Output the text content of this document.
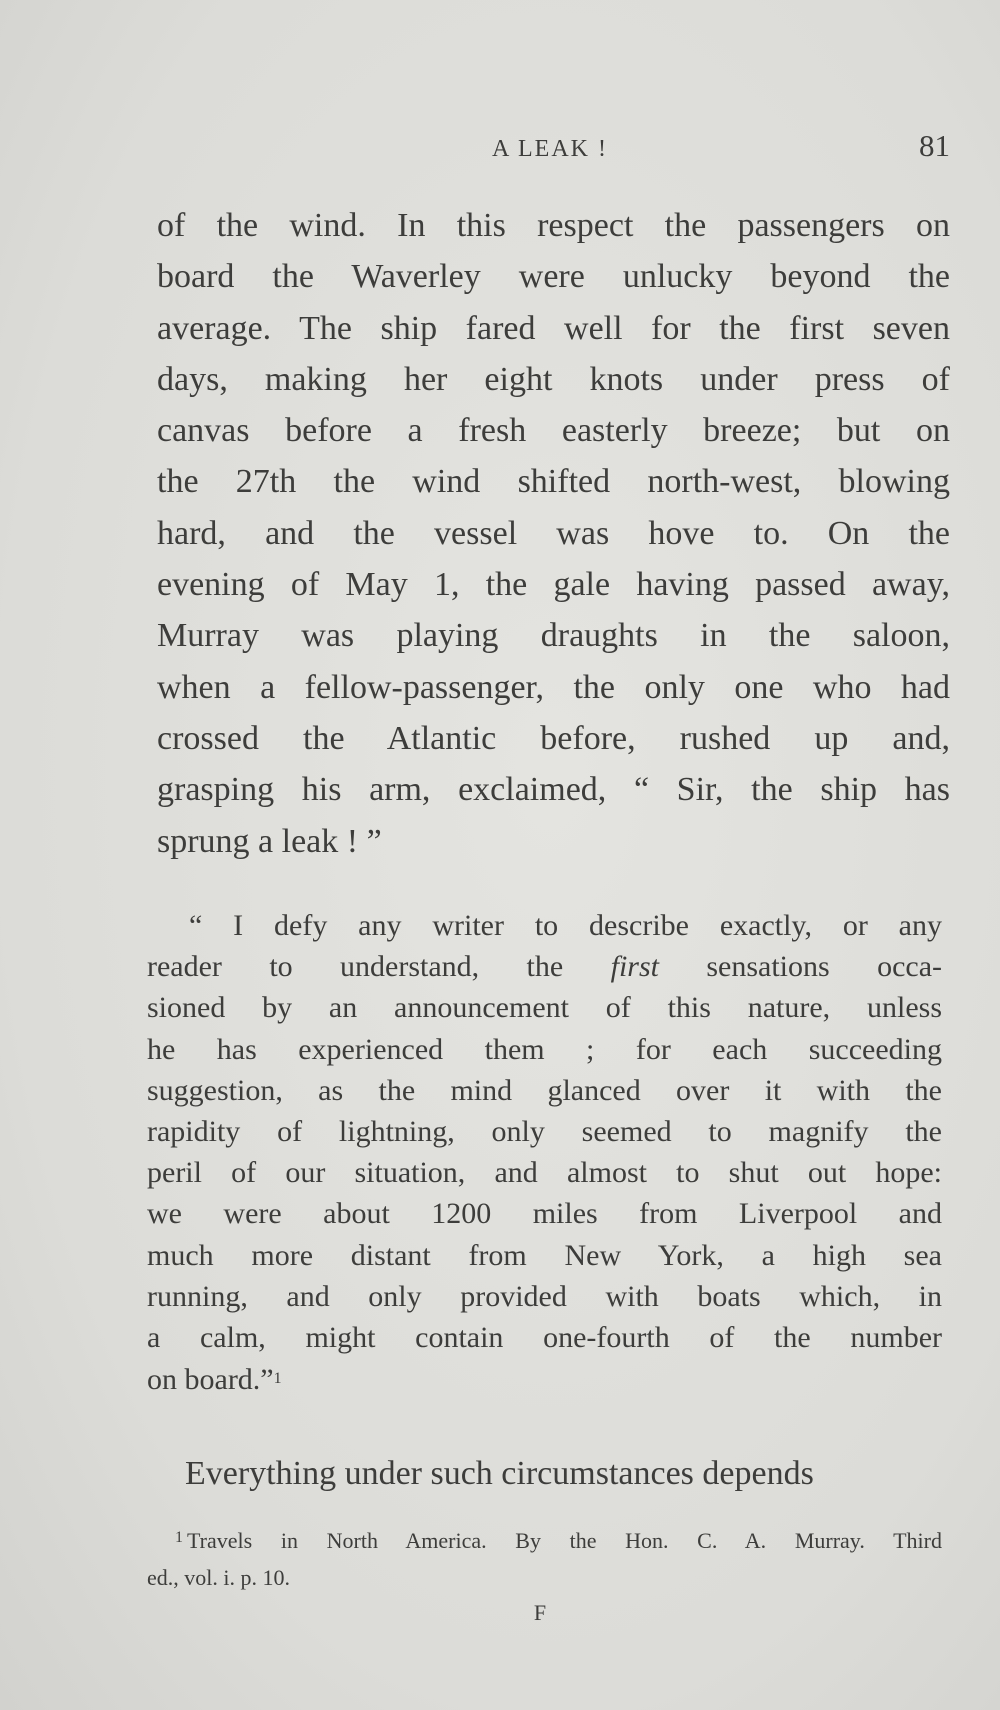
A LEAK !	81
of the wind. In this respect the passengers on
board the Waverley were unlucky beyond the
average. The ship fared well for the first seven
days, making her eight knots under press of
canvas before a fresh easterly breeze; but on
the 27th the wind shifted north-west, blowing
hard, and the vessel was hove to. On the
evening of May 1, the gale having passed away,
Murray was playing draughts in the saloon,
when a fellow-passenger, the only one who had
crossed the Atlantic before, rushed up and,
grasping his arm, exclaimed, “ Sir, the ship has
sprung a leak ! ”
“ I defy any writer to describe exactly, or any
reader to understand, the first sensations occa-
sioned by an announcement of this nature, unless
he has experienced them ; for each succeeding
suggestion, as the mind glanced over it with the
rapidity of lightning, only seemed to magnify the
peril of our situation, and almost to shut out hope:
we were about 1200 miles from Liverpool and
much more distant from New York, a high sea
running, and only provided with boats which, in
a calm, might contain one-fourth of the number
on board.”$^1$
Everything under such circumstances depends
$^1$ Travels in North America. By the Hon. C. A. Murray. Third
ed., vol. i. p. 10.
F
